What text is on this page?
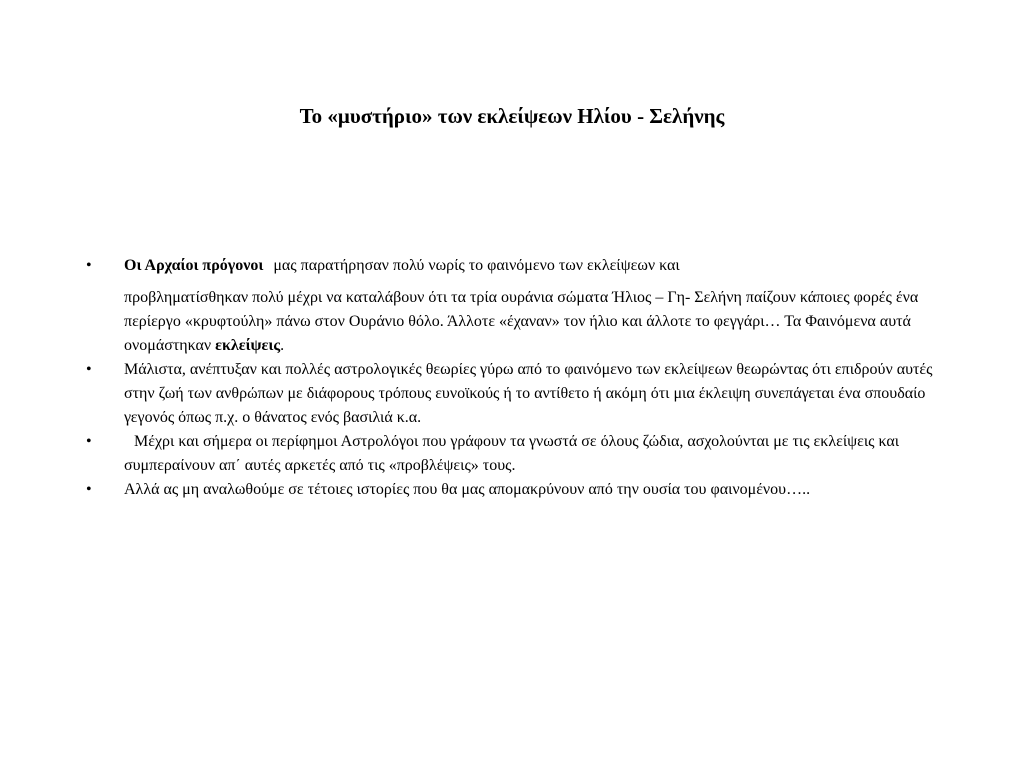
Το «μυστήριο» των εκλείψεων Ηλίου - Σελήνης
•	Οι Αρχαίοι πρόγονοι μας παρατήρησαν πολύ νωρίς το φαινόμενο των εκλείψεων και
προβληματίσθηκαν πολύ μέχρι να καταλάβουν ότι τα τρία ουράνια σώματα Ήλιος – Γη- Σελήνη παίζουν κάποιες φορές ένα περίεργο «κρυφτούλη» πάνω στον Ουράνιο θόλο. Άλλοτε «έχαναν» τον ήλιο και άλλοτε το φεγγάρι… Τα Φαινόμενα αυτά ονομάστηκαν εκλείψεις.
•	Μάλιστα, ανέπτυξαν και πολλές αστρολογικές θεωρίες γύρω από το φαινόμενο των εκλείψεων θεωρώντας ότι επιδρούν αυτές στην ζωή των ανθρώπων με διάφορους τρόπους ευνοϊκούς ή το αντίθετο ή ακόμη ότι μια έκλειψη συνεπάγεται ένα σπουδαίο γεγονός όπως π.χ. ο θάνατος ενός βασιλιά κ.α.
•	Μέχρι και σήμερα οι περίφημοι Αστρολόγοι που γράφουν τα γνωστά σε όλους ζώδια, ασχολούνται με τις εκλείψεις και συμπεραίνουν απ΄ αυτές αρκετές από τις «προβλέψεις» τους.
•	Αλλά ας μη αναλωθούμε σε τέτοιες ιστορίες που θα μας απομακρύνουν από την ουσία του φαινομένου…..
